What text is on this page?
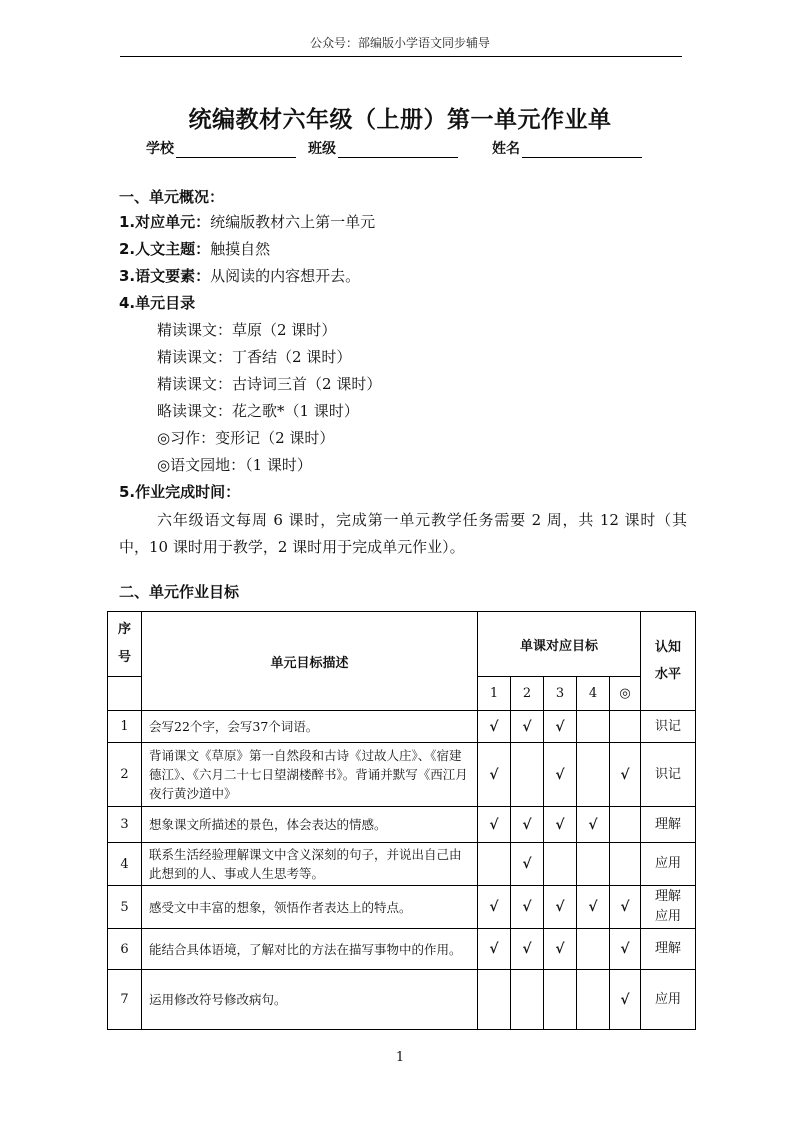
公众号：部编版小学语文同步辅导
统编教材六年级（上册）第一单元作业单
学校	班级	姓名
一、单元概况：
1.对应单元：统编版教材六上第一单元
2.人文主题：触摸自然
3.语文要素：从阅读的内容想开去。
4.单元目录
精读课文：草原（2 课时）
精读课文：丁香结（2 课时）
精读课文：古诗词三首（2 课时）
略读课文：花之歌*（1 课时）
◎习作：变形记（2 课时）
◎语文园地：（1 课时）
5.作业完成时间：
六年级语文每周 6 课时，完成第一单元教学任务需要 2 周，共 12 课时（其中，10 课时用于教学，2 课时用于完成单元作业）。
二、单元作业目标
序号	单元目标描述	单课对应目标					认知水平
		1	2	3	4	◎	
1	会写22个字，会写37个词语。	√	√	√			识记
2	背诵课文《草原》第一自然段和古诗《过故人庄》、《宿建德江》、《六月二十七日望湖楼醉书》。背诵并默写《西江月 夜行黄沙道中》	√		√		√	识记
3	想象课文所描述的景色，体会表达的情感。	√	√	√	√		理解
4	联系生活经验理解课文中含义深刻的句子，并说出自己由此想到的人、事或人生思考等。		√				应用
5	感受文中丰富的想象，领悟作者表达上的特点。	√	√	√	√	√	理解应用
6	能结合具体语境，了解对比的方法在描写事物中的作用。	√	√	√		√	理解
7	运用修改符号修改病句。					√	应用
1
